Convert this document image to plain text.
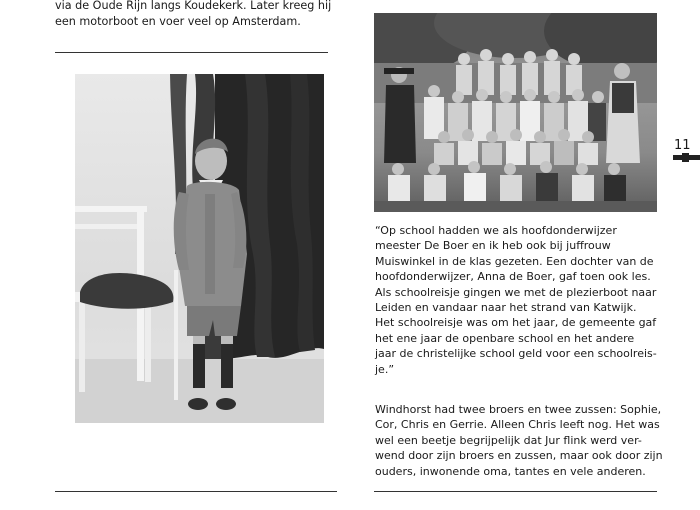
via de Oude Rijn langs Koudekerk. Later kreeg hij

een motorboot en voer veel op Amsterdam.

11

“Op school hadden we als hoofdonderwijzer

meester De Boer en ik heb ook bij juffrouw

Muiswinkel in de klas gezeten. Een dochter van de

hoofdonderwijzer, Anna de Boer, gaf toen ook les.

Als schoolreisje gingen we met de plezierboot naar

Leiden en vandaar naar het strand van Katwijk.

Het schoolreisje was om het jaar, de gemeente gaf

het ene jaar de openbare school en het andere

jaar de christelijke school geld voor een schoolreis-

je.”

Windhorst had twee broers en twee zussen: Sophie,

Cor, Chris en Gerrie. Alleen Chris leeft nog. Het was

wel een beetje begrijpelijk dat Jur flink werd ver-

wend door zijn broers en zussen, maar ook door zijn

ouders, inwonende oma, tantes en vele anderen.
